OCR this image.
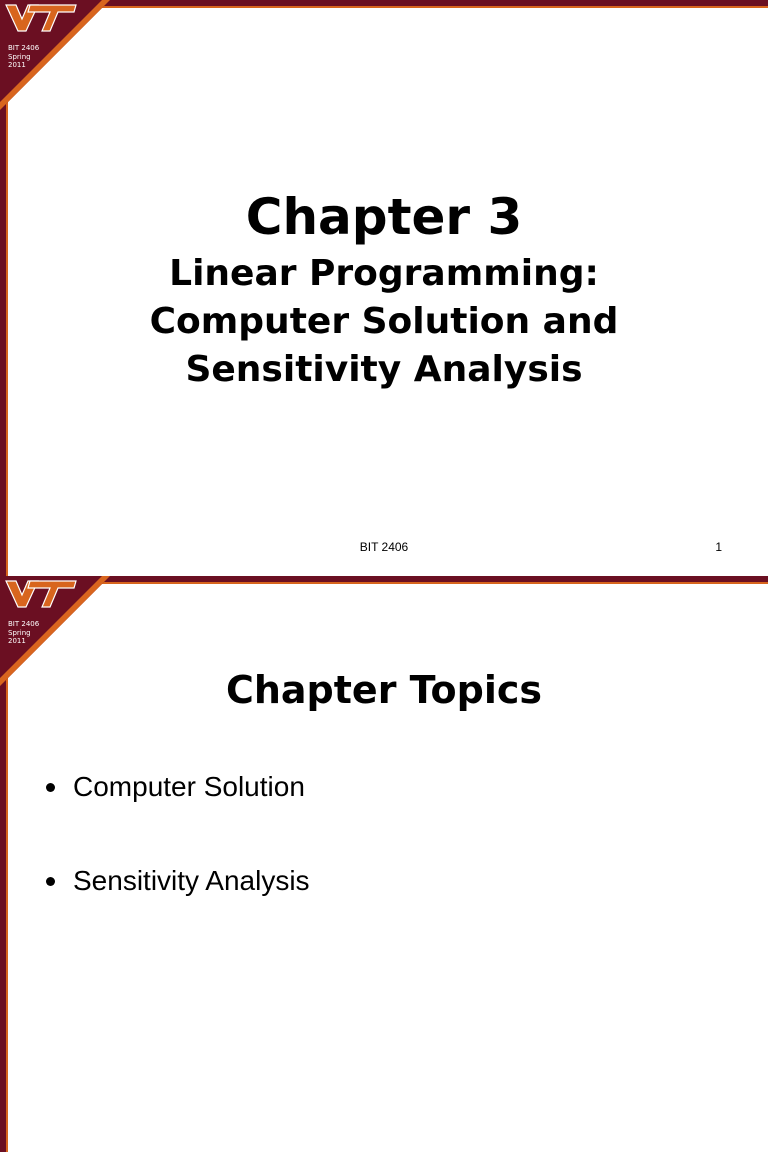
BIT 2406
Spring
2011
Chapter 3
Linear Programming:
Computer Solution and
Sensitivity Analysis
BIT 2406	1
BIT 2406
Spring
2011
Chapter Topics
Computer Solution
Sensitivity Analysis
